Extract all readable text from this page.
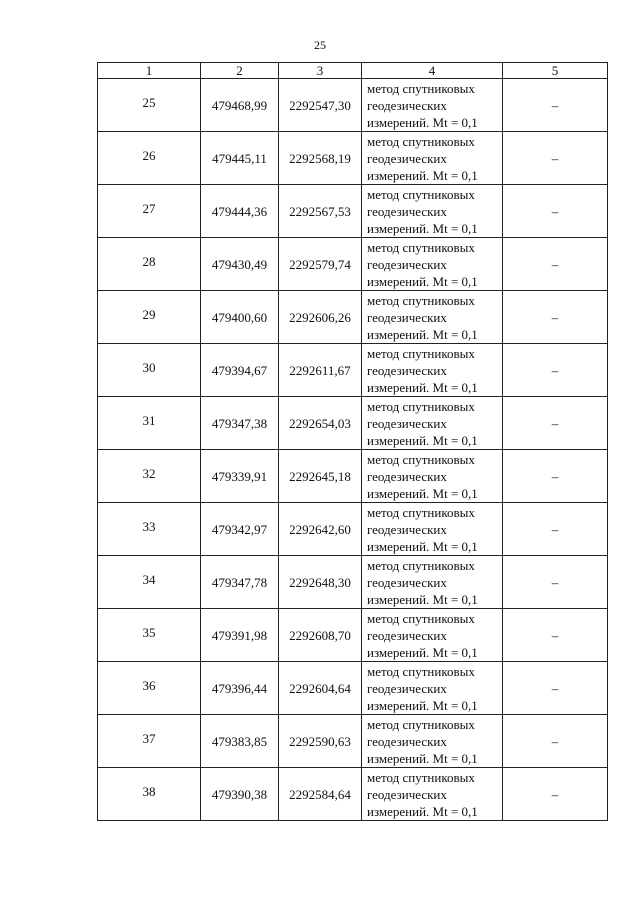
25
1	2	3	4	5
25	479468,99	2292547,30	метод спутниковых
геодезических
измерений. Mt = 0,1	–
26	479445,11	2292568,19	метод спутниковых
геодезических
измерений. Mt = 0,1	–
27	479444,36	2292567,53	метод спутниковых
геодезических
измерений. Mt = 0,1	–
28	479430,49	2292579,74	метод спутниковых
геодезических
измерений. Mt = 0,1	–
29	479400,60	2292606,26	метод спутниковых
геодезических
измерений. Mt = 0,1	–
30	479394,67	2292611,67	метод спутниковых
геодезических
измерений. Mt = 0,1	–
31	479347,38	2292654,03	метод спутниковых
геодезических
измерений. Mt = 0,1	–
32	479339,91	2292645,18	метод спутниковых
геодезических
измерений. Mt = 0,1	–
33	479342,97	2292642,60	метод спутниковых
геодезических
измерений. Mt = 0,1	–
34	479347,78	2292648,30	метод спутниковых
геодезических
измерений. Mt = 0,1	–
35	479391,98	2292608,70	метод спутниковых
геодезических
измерений. Mt = 0,1	–
36	479396,44	2292604,64	метод спутниковых
геодезических
измерений. Mt = 0,1	–
37	479383,85	2292590,63	метод спутниковых
геодезических
измерений. Mt = 0,1	–
38	479390,38	2292584,64	метод спутниковых
геодезических
измерений. Mt = 0,1	–
